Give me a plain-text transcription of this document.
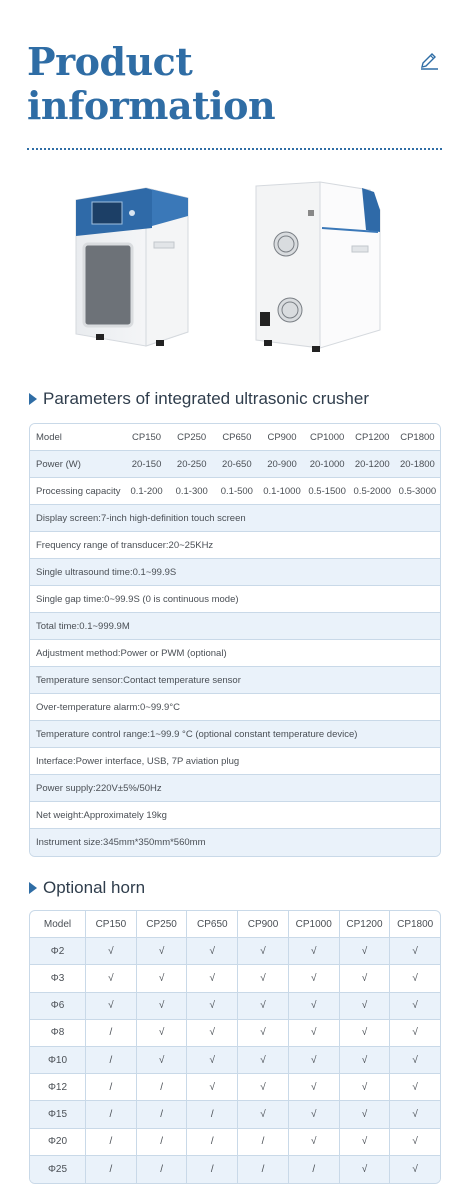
Product
information
Parameters of integrated ultrasonic crusher
Model	CP150	CP250	CP650	CP900	CP1000	CP1200	CP1800
Power (W)	20-150	20-250	20-650	20-900	20-1000	20-1200	20-1800
Processing capacity	0.1-200	0.1-300	0.1-500	0.1-1000 0.5-1500 0.5-2000 0.5-3000
Display screen:7-inch high-definition touch screen
Frequency range of transducer:20~25KHz
Single ultrasound time:0.1~99.9S
Single gap time:0~99.9S (0 is continuous mode)
Total time:0.1~999.9M
Adjustment method:Power or PWM (optional)
Temperature sensor:Contact temperature sensor
Over-temperature alarm:0~99.9°C
Temperature control range:1~99.9 °C (optional constant temperature device)
Interface:Power interface, USB, 7P aviation plug
Power supply:220V±5%/50Hz
Net weight:Approximately 19kg
Instrument size:345mm*350mm*560mm
Optional horn
Model	CP150	CP250	CP650	CP900	CP1000	CP1200	CP1800
Φ2	√	√	√	√	√	√	√
Φ3	√	√	√	√	√	√	√
Φ6	√	√	√	√	√	√	√
Φ8	/	√	√	√	√	√	√
Φ10	/	√	√	√	√	√	√
Φ12	/	/	√	√	√	√	√
Φ15	/	/	/	√	√	√	√
Φ20	/	/	/	/	√	√	√
Φ25	/	/	/	/	/	√	√
